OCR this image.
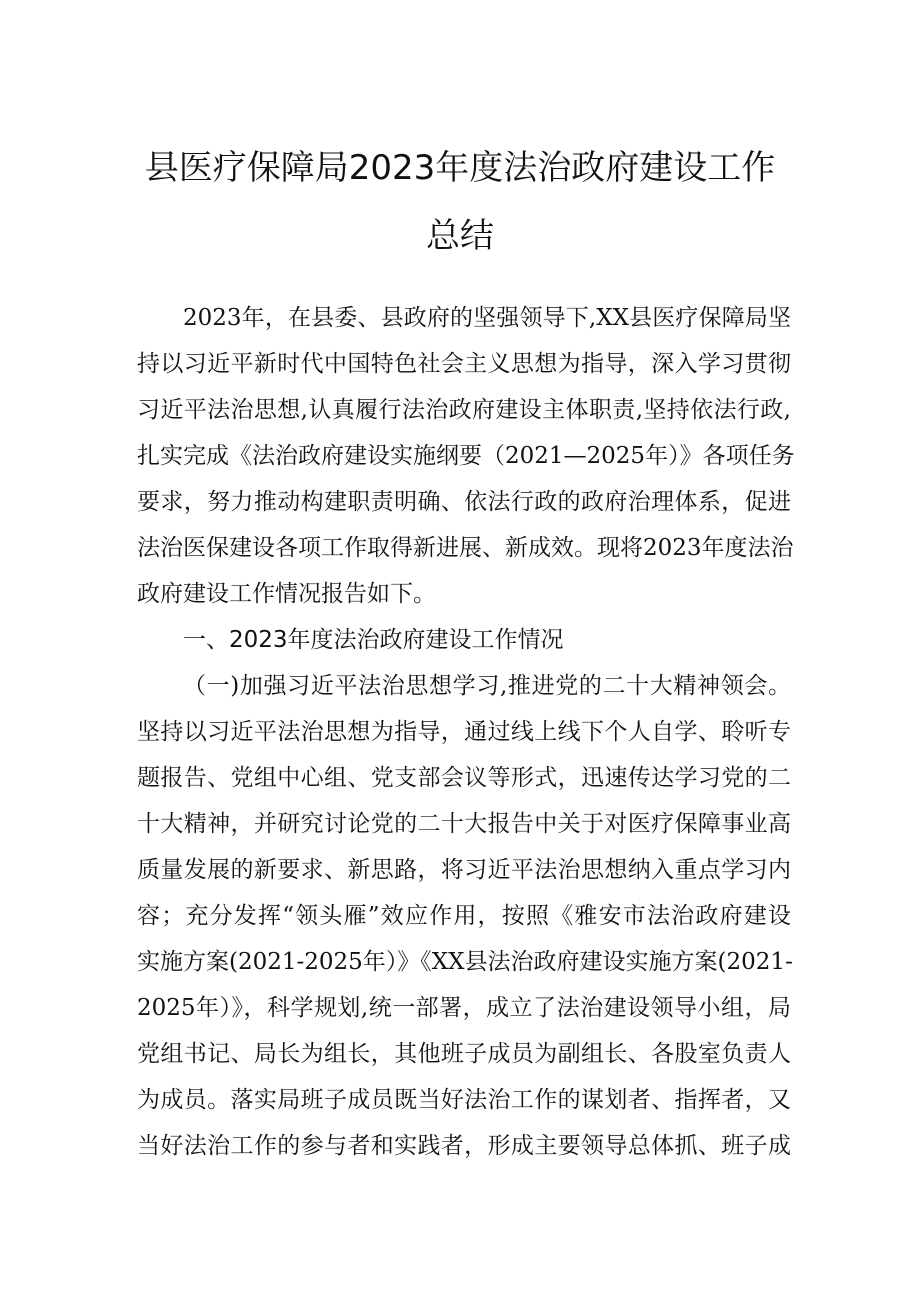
县医疗保障局2023年度法治政府建设工作
总结
2023年，在县委、县政府的坚强领导下,XX县医疗保障局坚
持以习近平新时代中国特色社会主义思想为指导，深入学习贯彻
习近平法治思想,认真履行法治政府建设主体职责,坚持依法行政,
扎实完成《法治政府建设实施纲要（2021—2025年）》各项任务
要求，努力推动构建职责明确、依法行政的政府治理体系，促进
法治医保建设各项工作取得新进展、新成效。现将2023年度法治
政府建设工作情况报告如下。
一、2023年度法治政府建设工作情况
（一)加强习近平法治思想学习,推进党的二十大精神领会。
坚持以习近平法治思想为指导，通过线上线下个人自学、聆听专
题报告、党组中心组、党支部会议等形式，迅速传达学习党的二
十大精神，并研究讨论党的二十大报告中关于对医疗保障事业高
质量发展的新要求、新思路，将习近平法治思想纳入重点学习内
容；充分发挥“领头雁”效应作用，按照《雅安市法治政府建设
实施方案(2021-2025年）》《XX县法治政府建设实施方案(2021-
2025年）》，科学规划,统一部署，成立了法治建设领导小组，局
党组书记、局长为组长，其他班子成员为副组长、各股室负责人
为成员。落实局班子成员既当好法治工作的谋划者、指挥者，又
当好法治工作的参与者和实践者，形成主要领导总体抓、班子成
